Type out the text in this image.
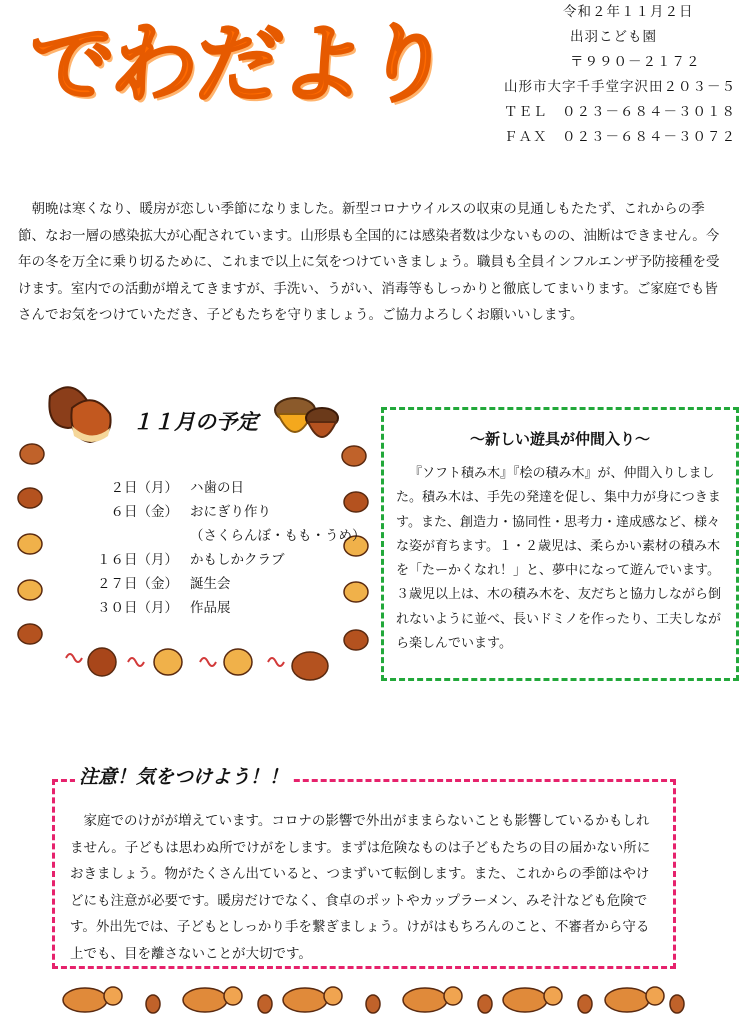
でわだより
令和２年１１月２日
出羽こども園
〒９９０－２１７２
山形市大字千手堂字沢田２０３－５
ＴＥＬ　０２３－６８４－３０１８
ＦＡＸ　０２３－６８４－３０７２
朝晩は寒くなり、暖房が恋しい季節になりました。新型コロナウイルスの収束の見通しもたたず、これからの季節、なお一層の感染拡大が心配されています。山形県も全国的には感染者数は少ないものの、油断はできません。今年の冬を万全に乗り切るために、これまで以上に気をつけていきましょう。職員も全員インフルエンザ予防接種を受けます。室内での活動が増えてきますが、手洗い、うがい、消毒等もしっかりと徹底してまいります。ご家庭でも皆さんでお気をつけていただき、子どもたちを守りましょう。ご協力よろしくお願いいします。
１１月の予定
２日（月） ハ歯の日
６日（金） おにぎり作り
（さくらんぼ・もも・うめ）
１６日（月） かもしかクラブ
２７日（金） 誕生会
３０日（月） 作品展
～新しい遊具が仲間入り～
『ソフト積み木』『桧の積み木』が、仲間入りしました。積み木は、手先の発達を促し、集中力が身につきます。また、創造力・協同性・思考力・達成感など、様々な姿が育ちます。１・２歳児は、柔らかい素材の積み木を「たーかくなれ！」と、夢中になって遊んでいます。３歳児以上は、木の積み木を、友だちと協力しながら倒れないように並べ、長いドミノを作ったり、工夫しながら楽しんでいます。
注意！気をつけよう！！
家庭でのけがが増えています。コロナの影響で外出がままらないことも影響しているかもしれません。子どもは思わぬ所でけがをします。まずは危険なものは子どもたちの目の届かない所におきましょう。物がたくさん出ていると、つまずいて転倒します。また、これからの季節はやけどにも注意が必要です。暖房だけでなく、食卓のポットやカップラーメン、みそ汁なども危険です。外出先では、子どもとしっかり手を繋ぎましょう。けがはもちろんのこと、不審者から守る上でも、目を離さないことが大切です。
